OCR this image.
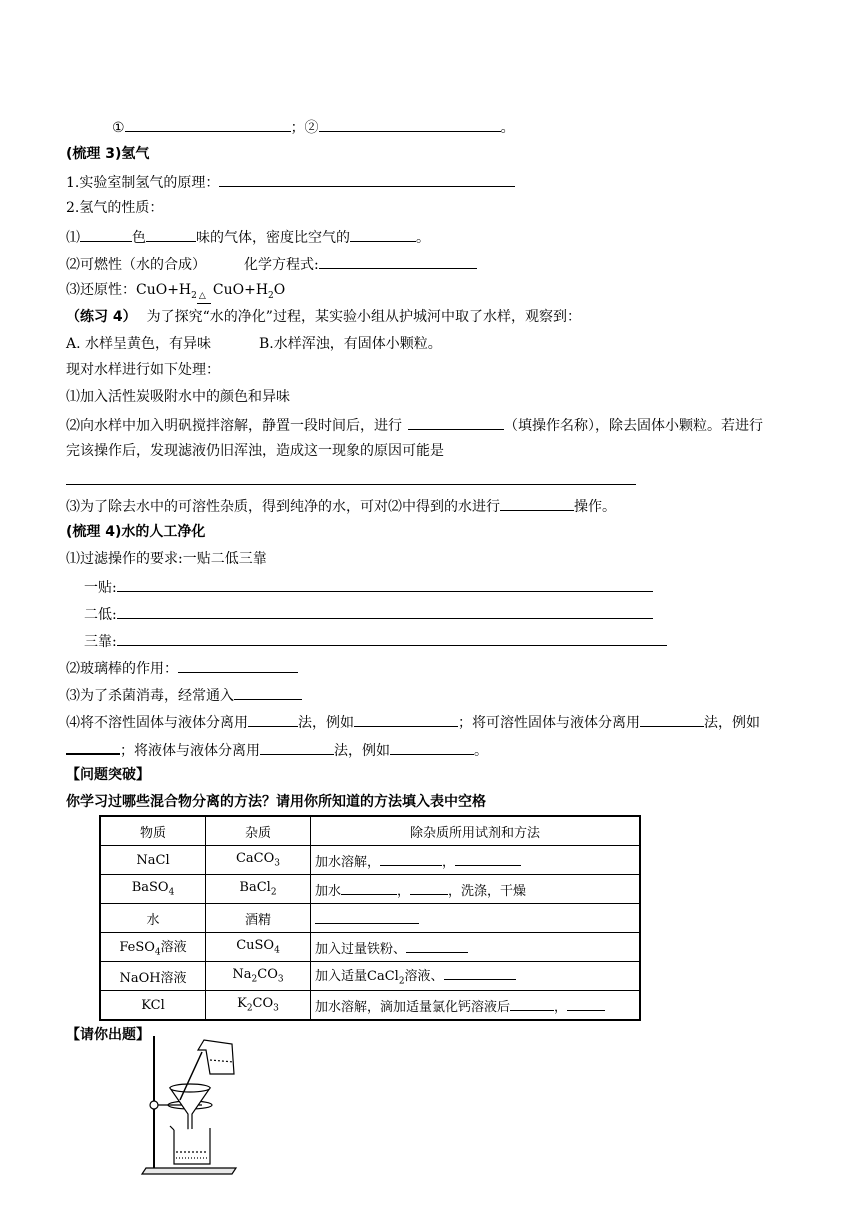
①	；②	。
(梳理 3)氢气
1.实验室制氢气的原理：
2.氢气的性质：
⑴	色	味的气体，密度比空气的	。
⑵可燃性（水的合成）	化学方程式:
⑶还原性：$CuO+H_2$ △ $CuO+H_2O$
（练习 4） 为了探究“水的净化”过程，某实验小组从护城河中取了水样，观察到：
A. 水样呈黄色，有异味	B.水样浑浊，有固体小颗粒。
现对水样进行如下处理：
⑴加入活性炭吸附水中的颜色和异味
⑵向水样中加入明矾搅拌溶解，静置一段时间后，进行	（填操作名称），除去固体小颗粒。若进行
完该操作后，发现滤液仍旧浑浊，造成这一现象的原因可能是
⑶为了除去水中的可溶性杂质，得到纯净的水，可对⑵中得到的水进行	操作。
(梳理 4)水的人工净化
⑴过滤操作的要求:一贴二低三靠
一贴:
二低:
三靠:
⑵玻璃棒的作用：
⑶为了杀菌消毒，经常通入
⑷将不溶性固体与液体分离用	法，例如	；将可溶性固体与液体分离用	法，例如
；将液体与液体分离用	法，例如	。
【问题突破】
你学习过哪些混合物分离的方法？请用你所知道的方法填入表中空格
物质	杂质	除杂质所用试剂和方法
NaCl	CaCO$_3$	加水溶解， ，
BaSO$_4$	BaCl$_2$	加水 ， ，洗涤，干燥
水	酒精	
FeSO$_4$溶液	CuSO$_4$	加入过量铁粉、
NaOH溶液	$Na_2CO_3$	加入适量CaCl$_2$溶液、
KCl	$K_2CO_3$	加水溶解，滴加适量氯化钙溶液后 ，
【请你出题】
